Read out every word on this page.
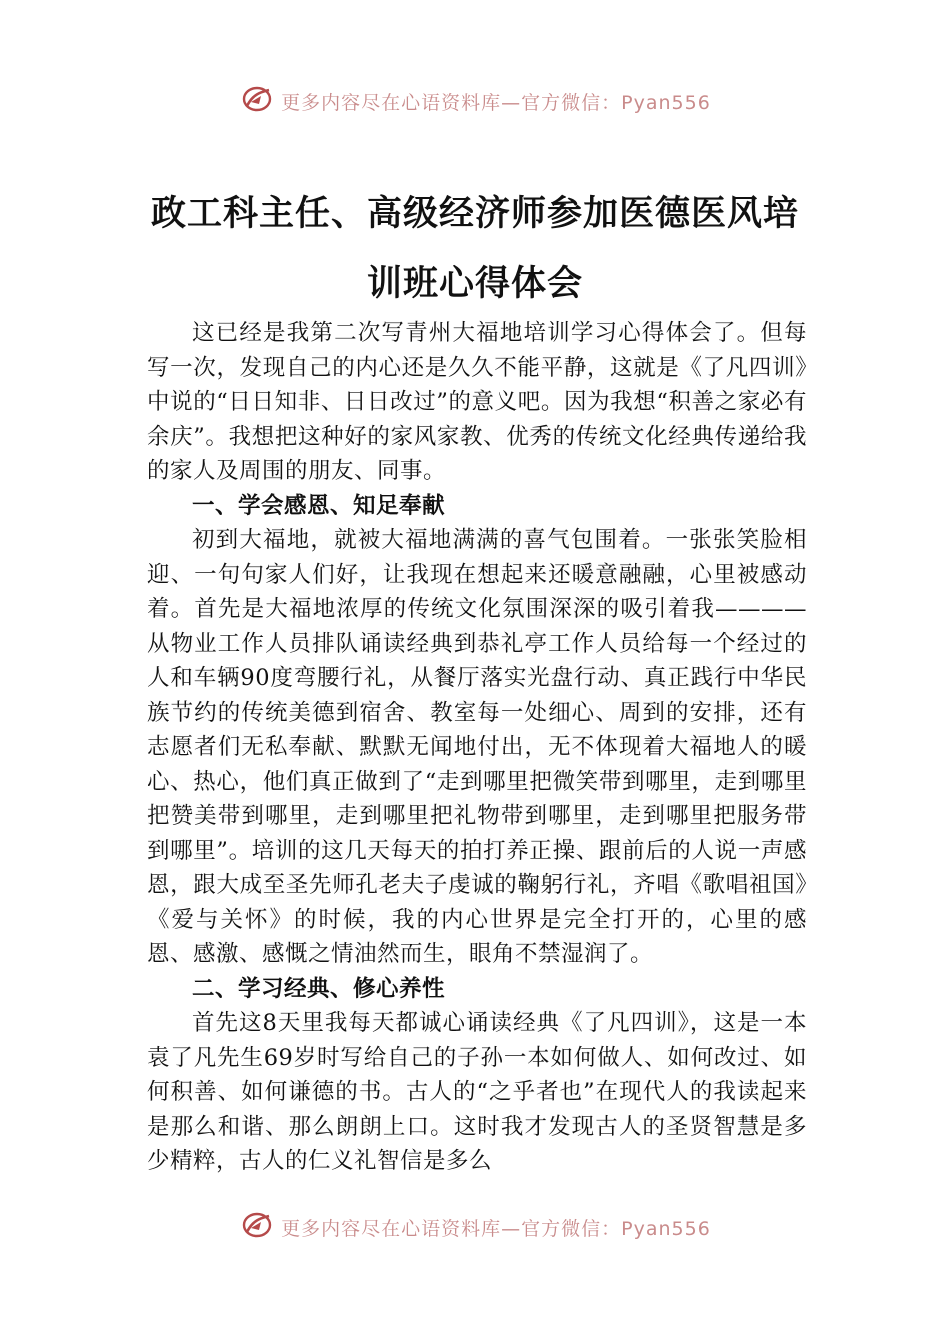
更多内容尽在心语资料库—官方微信：Pyan556
政工科主任、高级经济师参加医德医风培
训班心得体会

这已经是我第二次写青州大福地培训学习心得体会了。但每写一次，发现自己的内心还是久久不能平静，这就是《了凡四训》中说的“日日知非、日日改过”的意义吧。因为我想“积善之家必有余庆”。我想把这种好的家风家教、优秀的传统文化经典传递给我的家人及周围的朋友、同事。

一、学会感恩、知足奉献

初到大福地，就被大福地满满的喜气包围着。一张张笑脸相迎、一句句家人们好，让我现在想起来还暖意融融，心里被感动着。首先是大福地浓厚的传统文化氛围深深的吸引着我————从物业工作人员排队诵读经典到恭礼亭工作人员给每一个经过的人和车辆90度弯腰行礼，从餐厅落实光盘行动、真正践行中华民族节约的传统美德到宿舍、教室每一处细心、周到的安排，还有志愿者们无私奉献、默默无闻地付出，无不体现着大福地人的暖心、热心，他们真正做到了“走到哪里把微笑带到哪里，走到哪里把赞美带到哪里，走到哪里把礼物带到哪里，走到哪里把服务带到哪里”。培训的这几天每天的拍打养正操、跟前后的人说一声感恩，跟大成至圣先师孔老夫子虔诚的鞠躬行礼，齐唱《歌唱祖国》《爱与关怀》的时候，我的内心世界是完全打开的，心里的感恩、感激、感慨之情油然而生，眼角不禁湿润了。

二、学习经典、修心养性

首先这8天里我每天都诚心诵读经典《了凡四训》，这是一本袁了凡先生69岁时写给自己的子孙一本如何做人、如何改过、如何积善、如何谦德的书。古人的“之乎者也”在现代人的我读起来是那么和谐、那么朗朗上口。这时我才发现古人的圣贤智慧是多少精粹，古人的仁义礼智信是多么

更多内容尽在心语资料库—官方微信：Pyan556
